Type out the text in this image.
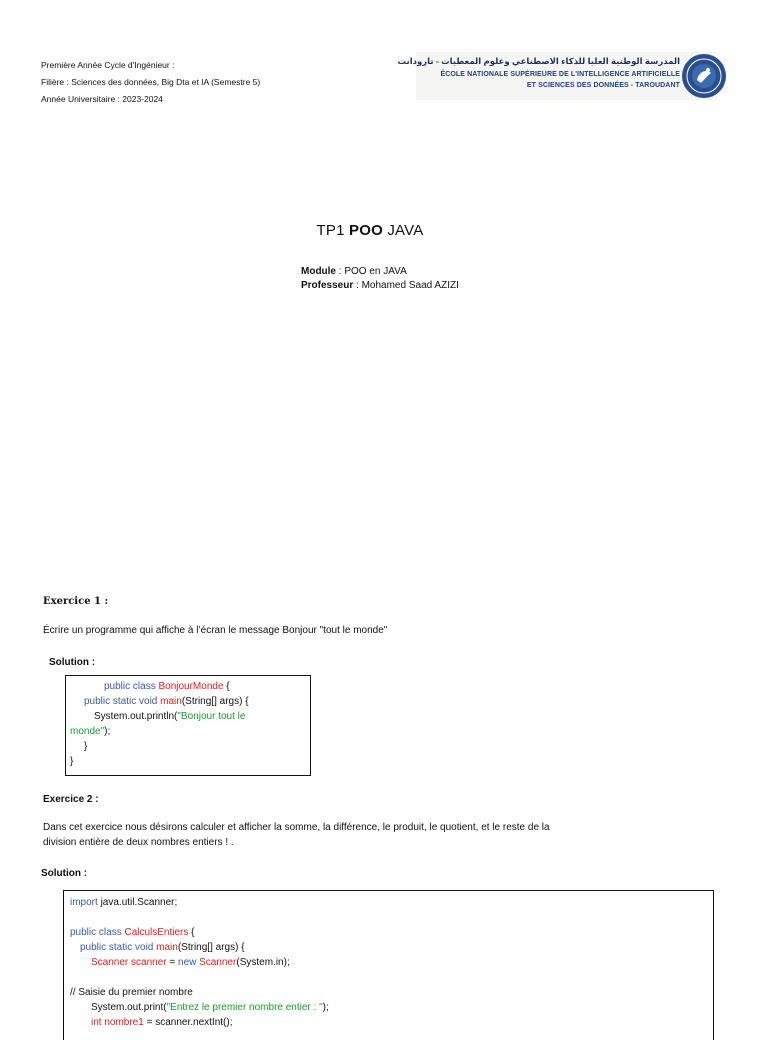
Première Année Cycle d'Ingénieur :
Filière : Sciences des données, Big Dta et IA (Semestre 5)
Année Universitaire : 2023-2024
المدرسة الوطنية العليا للذكاء الاصطناعي وعلوم المعطيات - تارودانت
ÉCOLE NATIONALE SUPÉRIEURE DE L'INTELLIGENCE ARTIFICIELLE
ET SCIENCES DES DONNÉES - TAROUDANT
TP1 POO JAVA
Module : POO en JAVA
Professeur : Mohamed Saad AZIZI
Exercice 1 :
Écrire un programme qui affiche à l’écran le message Bonjour "tout le monde"
Solution :
public class BonjourMonde {
public static void main(String[] args) {
System.out.println("Bonjour tout le
monde");
}
}
Exercice 2 :
Dans cet exercice nous désirons calculer et afficher la somme, la différence, le produit, le quotient, et le reste de la
division entière de deux nombres entiers ! .
Solution :
import java.util.Scanner;

public class CalculsEntiers {
public static void main(String[] args) {
Scanner scanner = new Scanner(System.in);

// Saisie du premier nombre
System.out.print("Entrez le premier nombre entier : ");
int nombre1 = scanner.nextInt();
